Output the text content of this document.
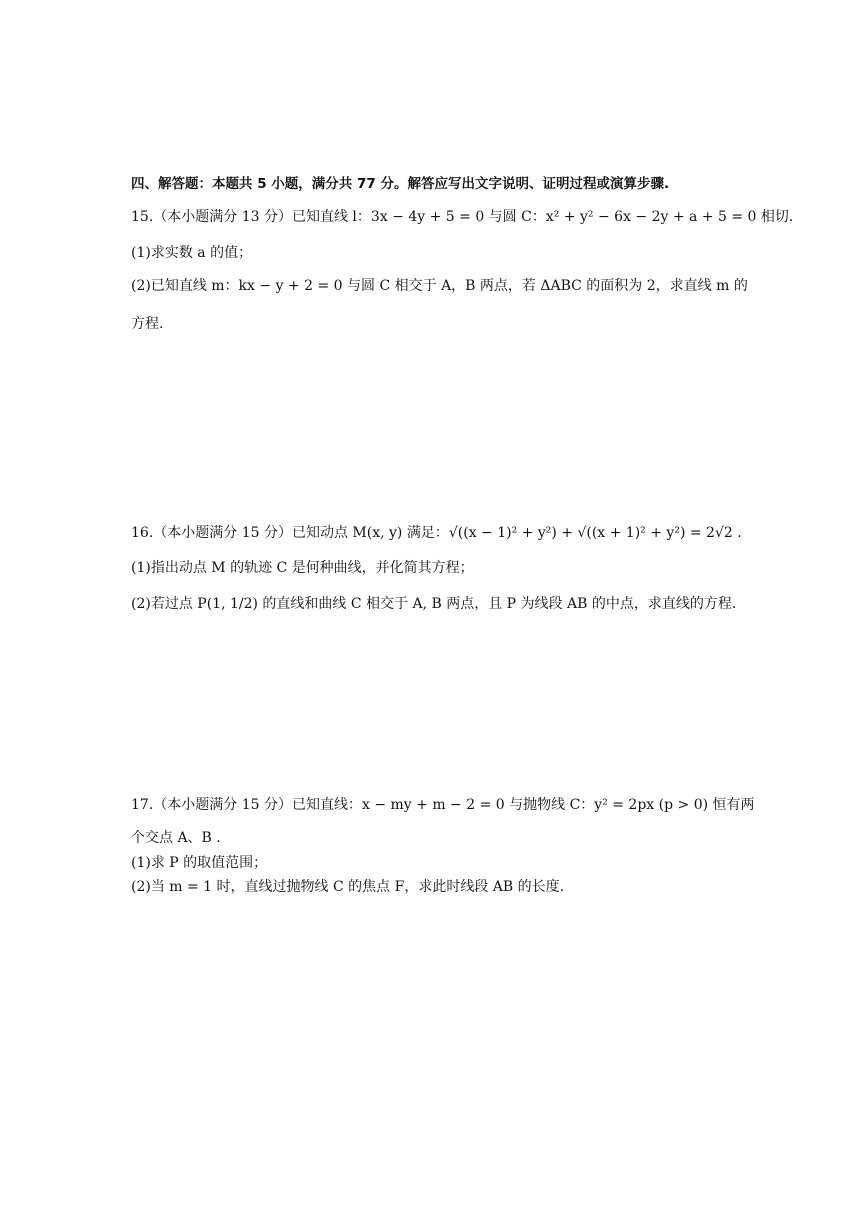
四、解答题：本题共 5 小题，满分共 77 分。解答应写出文字说明、证明过程或演算步骤.
15.（本小题满分 13 分）已知直线 l：3x − 4y + 5 = 0 与圆 C：x² + y² − 6x − 2y + a + 5 = 0 相切.
(1)求实数 a 的值；
(2)已知直线 m：kx − y + 2 = 0 与圆 C 相交于 A，B 两点，若 ΔABC 的面积为 2，求直线 m 的
方程.
16.（本小题满分 15 分）已知动点 M(x, y) 满足：√((x − 1)² + y²) + √((x + 1)² + y²) = 2√2 .
(1)指出动点 M 的轨迹 C 是何种曲线，并化简其方程；
(2)若过点 P(1, 1/2) 的直线和曲线 C 相交于 A, B 两点，且 P 为线段 AB 的中点，求直线的方程.
17.（本小题满分 15 分）已知直线：x − my + m − 2 = 0 与抛物线 C：y² = 2px (p > 0) 恒有两
个交点 A、B .
(1)求 P 的取值范围；
(2)当 m = 1 时，直线过抛物线 C 的焦点 F，求此时线段 AB 的长度.
